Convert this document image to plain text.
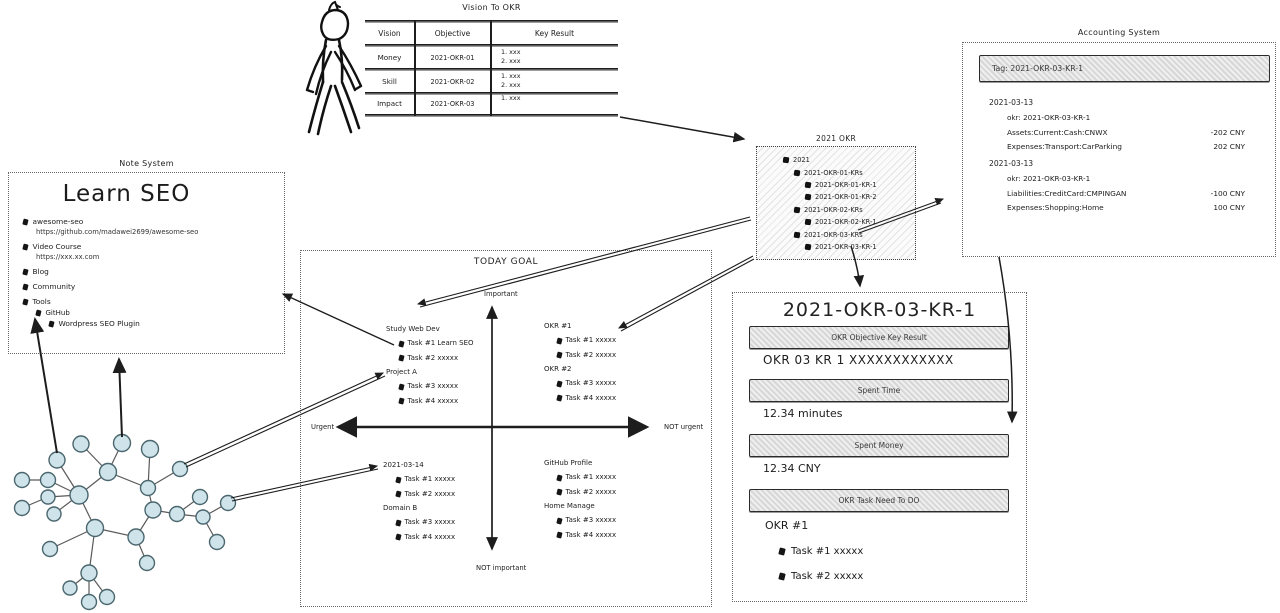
Vision To OKR
Vision	Objective	Key Result
Money	2021-OKR-01
1. xxx
2. xxx
Skill	2021-OKR-02
1. xxx
2. xxx
Impact	2021-OKR-03
1. xxx
2021 OKR
2021
2021-OKR-01-KRs
2021-OKR-01-KR-1
2021-OKR-01-KR-2
2021-OKR-02-KRs
2021-OKR-02-KR-1
2021-OKR-03-KRs
2021-OKR-03-KR-1
Accounting System
Tag: 2021-OKR-03-KR-1
2021-03-13
okr: 2021-OKR-03-KR-1
Assets:Current:Cash:CNWX	-202 CNY
Expenses:Transport:CarParking	202 CNY
2021-03-13
okr: 2021-OKR-03-KR-1
Liabilities:CreditCard:CMPINGAN	-100 CNY
Expenses:Shopping:Home	100 CNY
Note System
Learn SEO
awesome-seo
https://github.com/madawei2699/awesome-seo
Video Course
https://xxx.xx.com
Blog
Community
Tools
GitHub
Wordpress SEO Plugin
TODAY GOAL
Important
NOT important
Urgent	NOT urgent
Study Web Dev
Task #1 Learn SEO
Task #2 xxxxx
Project A
Task #3 xxxxx
Task #4 xxxxx
OKR #1
Task #1 xxxxx
Task #2 xxxxx
OKR #2
Task #3 xxxxx
Task #4 xxxxx
2021-03-14
Task #1 xxxxx
Task #2 xxxxx
Domain B
Task #3 xxxxx
Task #4 xxxxx
GitHub Profile
Task #1 xxxxx
Task #2 xxxxx
Home Manage
Task #3 xxxxx
Task #4 xxxxx
2021-OKR-03-KR-1
OKR Objective Key Result
OKR 03 KR 1 XXXXXXXXXXXX
Spent Time
12.34 minutes
Spent Money
12.34 CNY
OKR Task Need To DO
OKR #1
Task #1 xxxxx
Task #2 xxxxx
